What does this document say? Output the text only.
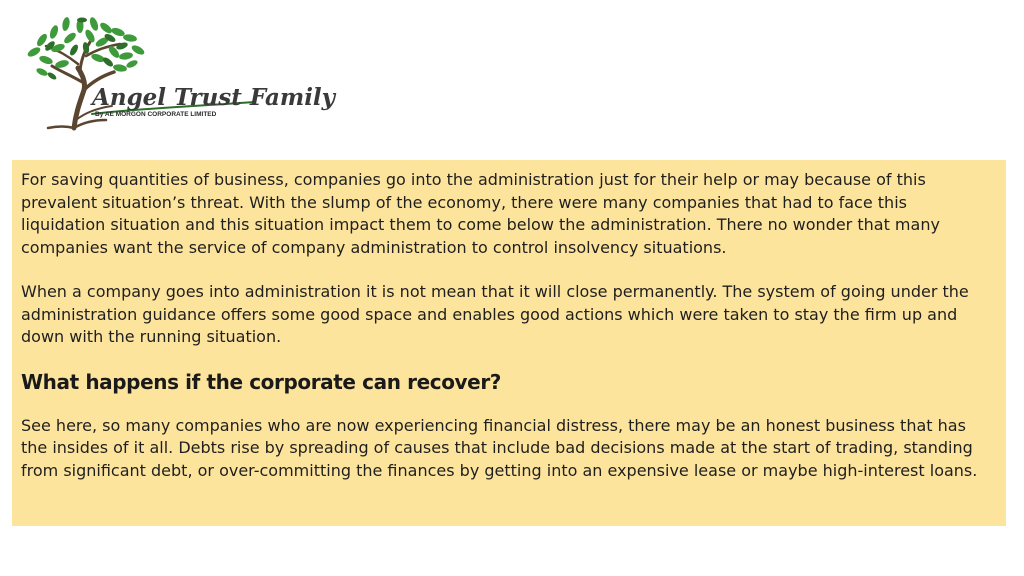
Angel Trust Family
By AE MORGON CORPORATE LIMITED

For saving quantities of business, companies go into the administration just for their help or may because of this prevalent situation’s threat. With the slump of the economy, there were many companies that had to face this liquidation situation and this situation impact them to come below the administration. There no wonder that many companies want the service of company administration to control insolvency situations.

When a company goes into administration it is not mean that it will close permanently. The system of going under the administration guidance offers some good space and enables good actions which were taken to stay the firm up and down with the running situation.

What happens if the corporate can recover?

See here, so many companies who are now experiencing financial distress, there may be an honest business that has the insides of it all. Debts rise by spreading of causes that include bad decisions made at the start of trading, standing from significant debt, or over-committing the finances by getting into an expensive lease or maybe high-interest loans.
